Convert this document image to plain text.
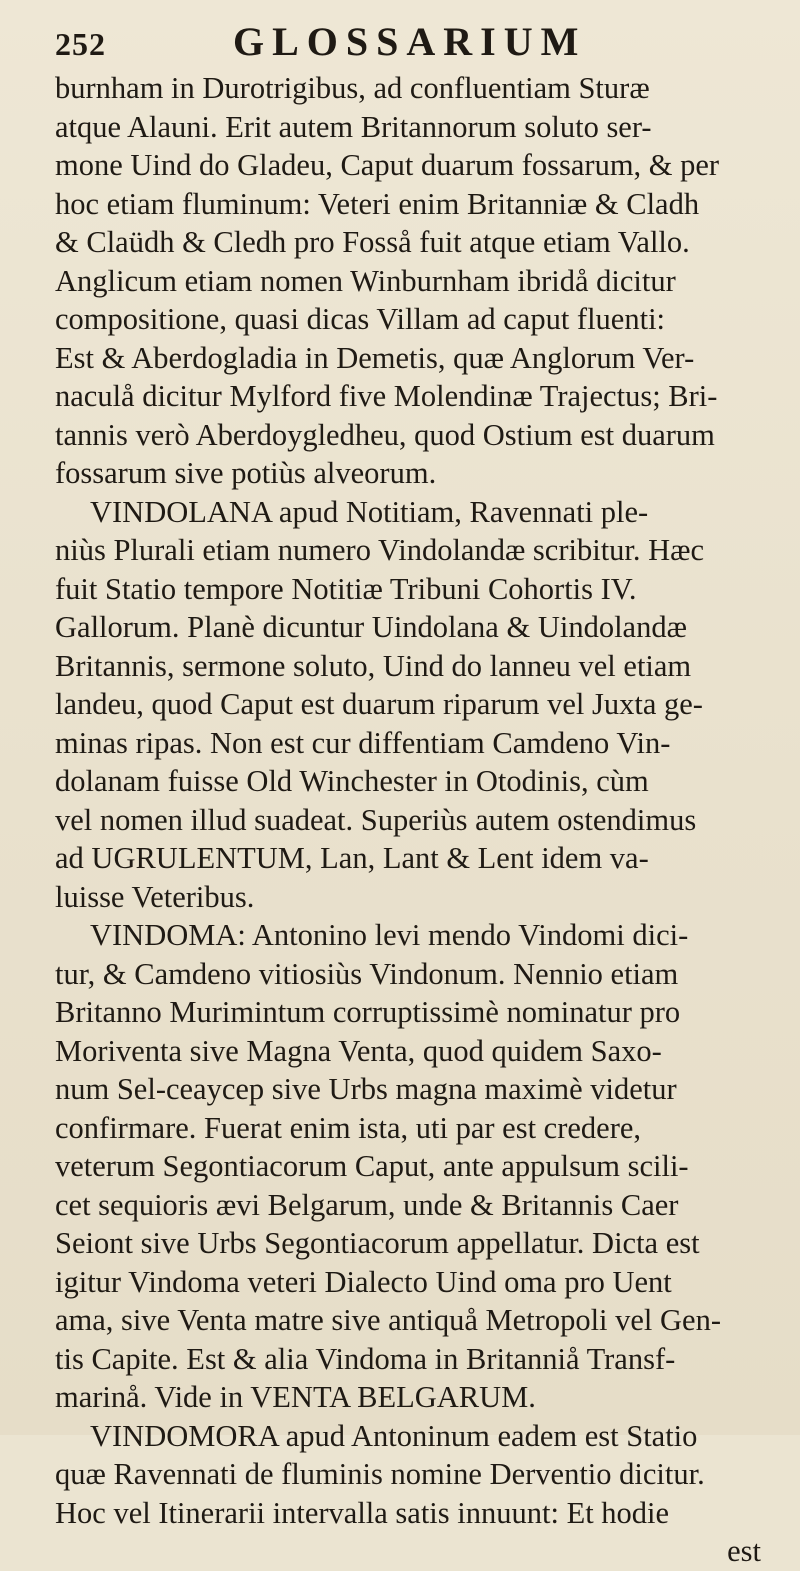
252	GLOSSARIUM
burnham in Durotrigibus, ad confluentiam Sturæ
atque Alauni. Erit autem Britannorum soluto ser-
mone Uind do Gladeu, Caput duarum fossarum, & per
hoc etiam fluminum: Veteri enim Britanniæ & Cladh
& Claüdh & Cledh pro Fosså fuit atque etiam Vallo.
Anglicum etiam nomen Winburnham ibridå dicitur
compositione, quasi dicas Villam ad caput fluenti:
Est & Aberdogladia in Demetis, quæ Anglorum Ver-
naculå dicitur Mylford five Molendinæ Trajectus; Bri-
tannis verò Aberdoygledheu, quod Ostium est duarum
fossarum sive potiùs alveorum.
VINDOLANA apud Notitiam, Ravennati ple-
niùs Plurali etiam numero Vindolandæ scribitur. Hæc
fuit Statio tempore Notitiæ Tribuni Cohortis IV.
Gallorum. Planè dicuntur Uindolana & Uindolandæ
Britannis, sermone soluto, Uind do lanneu vel etiam
landeu, quod Caput est duarum riparum vel Juxta ge-
minas ripas. Non est cur diffentiam Camdeno Vin-
dolanam fuisse Old Winchester in Otodinis, cùm
vel nomen illud suadeat. Superiùs autem ostendimus
ad UGRULENTUM, Lan, Lant & Lent idem va-
luisse Veteribus.
VINDOMA: Antonino levi mendo Vindomi dici-
tur, & Camdeno vitiosiùs Vindonum. Nennio etiam
Britanno Murimintum corruptissimè nominatur pro
Moriventa sive Magna Venta, quod quidem Saxo-
num Sel-ceaycep sive Urbs magna maximè videtur
confirmare. Fuerat enim ista, uti par est credere,
veterum Segontiacorum Caput, ante appulsum scili-
cet sequioris ævi Belgarum, unde & Britannis Caer
Seiont sive Urbs Segontiacorum appellatur. Dicta est
igitur Vindoma veteri Dialecto Uind oma pro Uent
ama, sive Venta matre sive antiquå Metropoli vel Gen-
tis Capite. Est & alia Vindoma in Britanniå Transf-
marinå. Vide in VENTA BELGARUM.
VINDOMORA apud Antoninum eadem est Statio
quæ Ravennati de fluminis nomine Derventio dicitur.
Hoc vel Itinerarii intervalla satis innuunt: Et hodie
est
